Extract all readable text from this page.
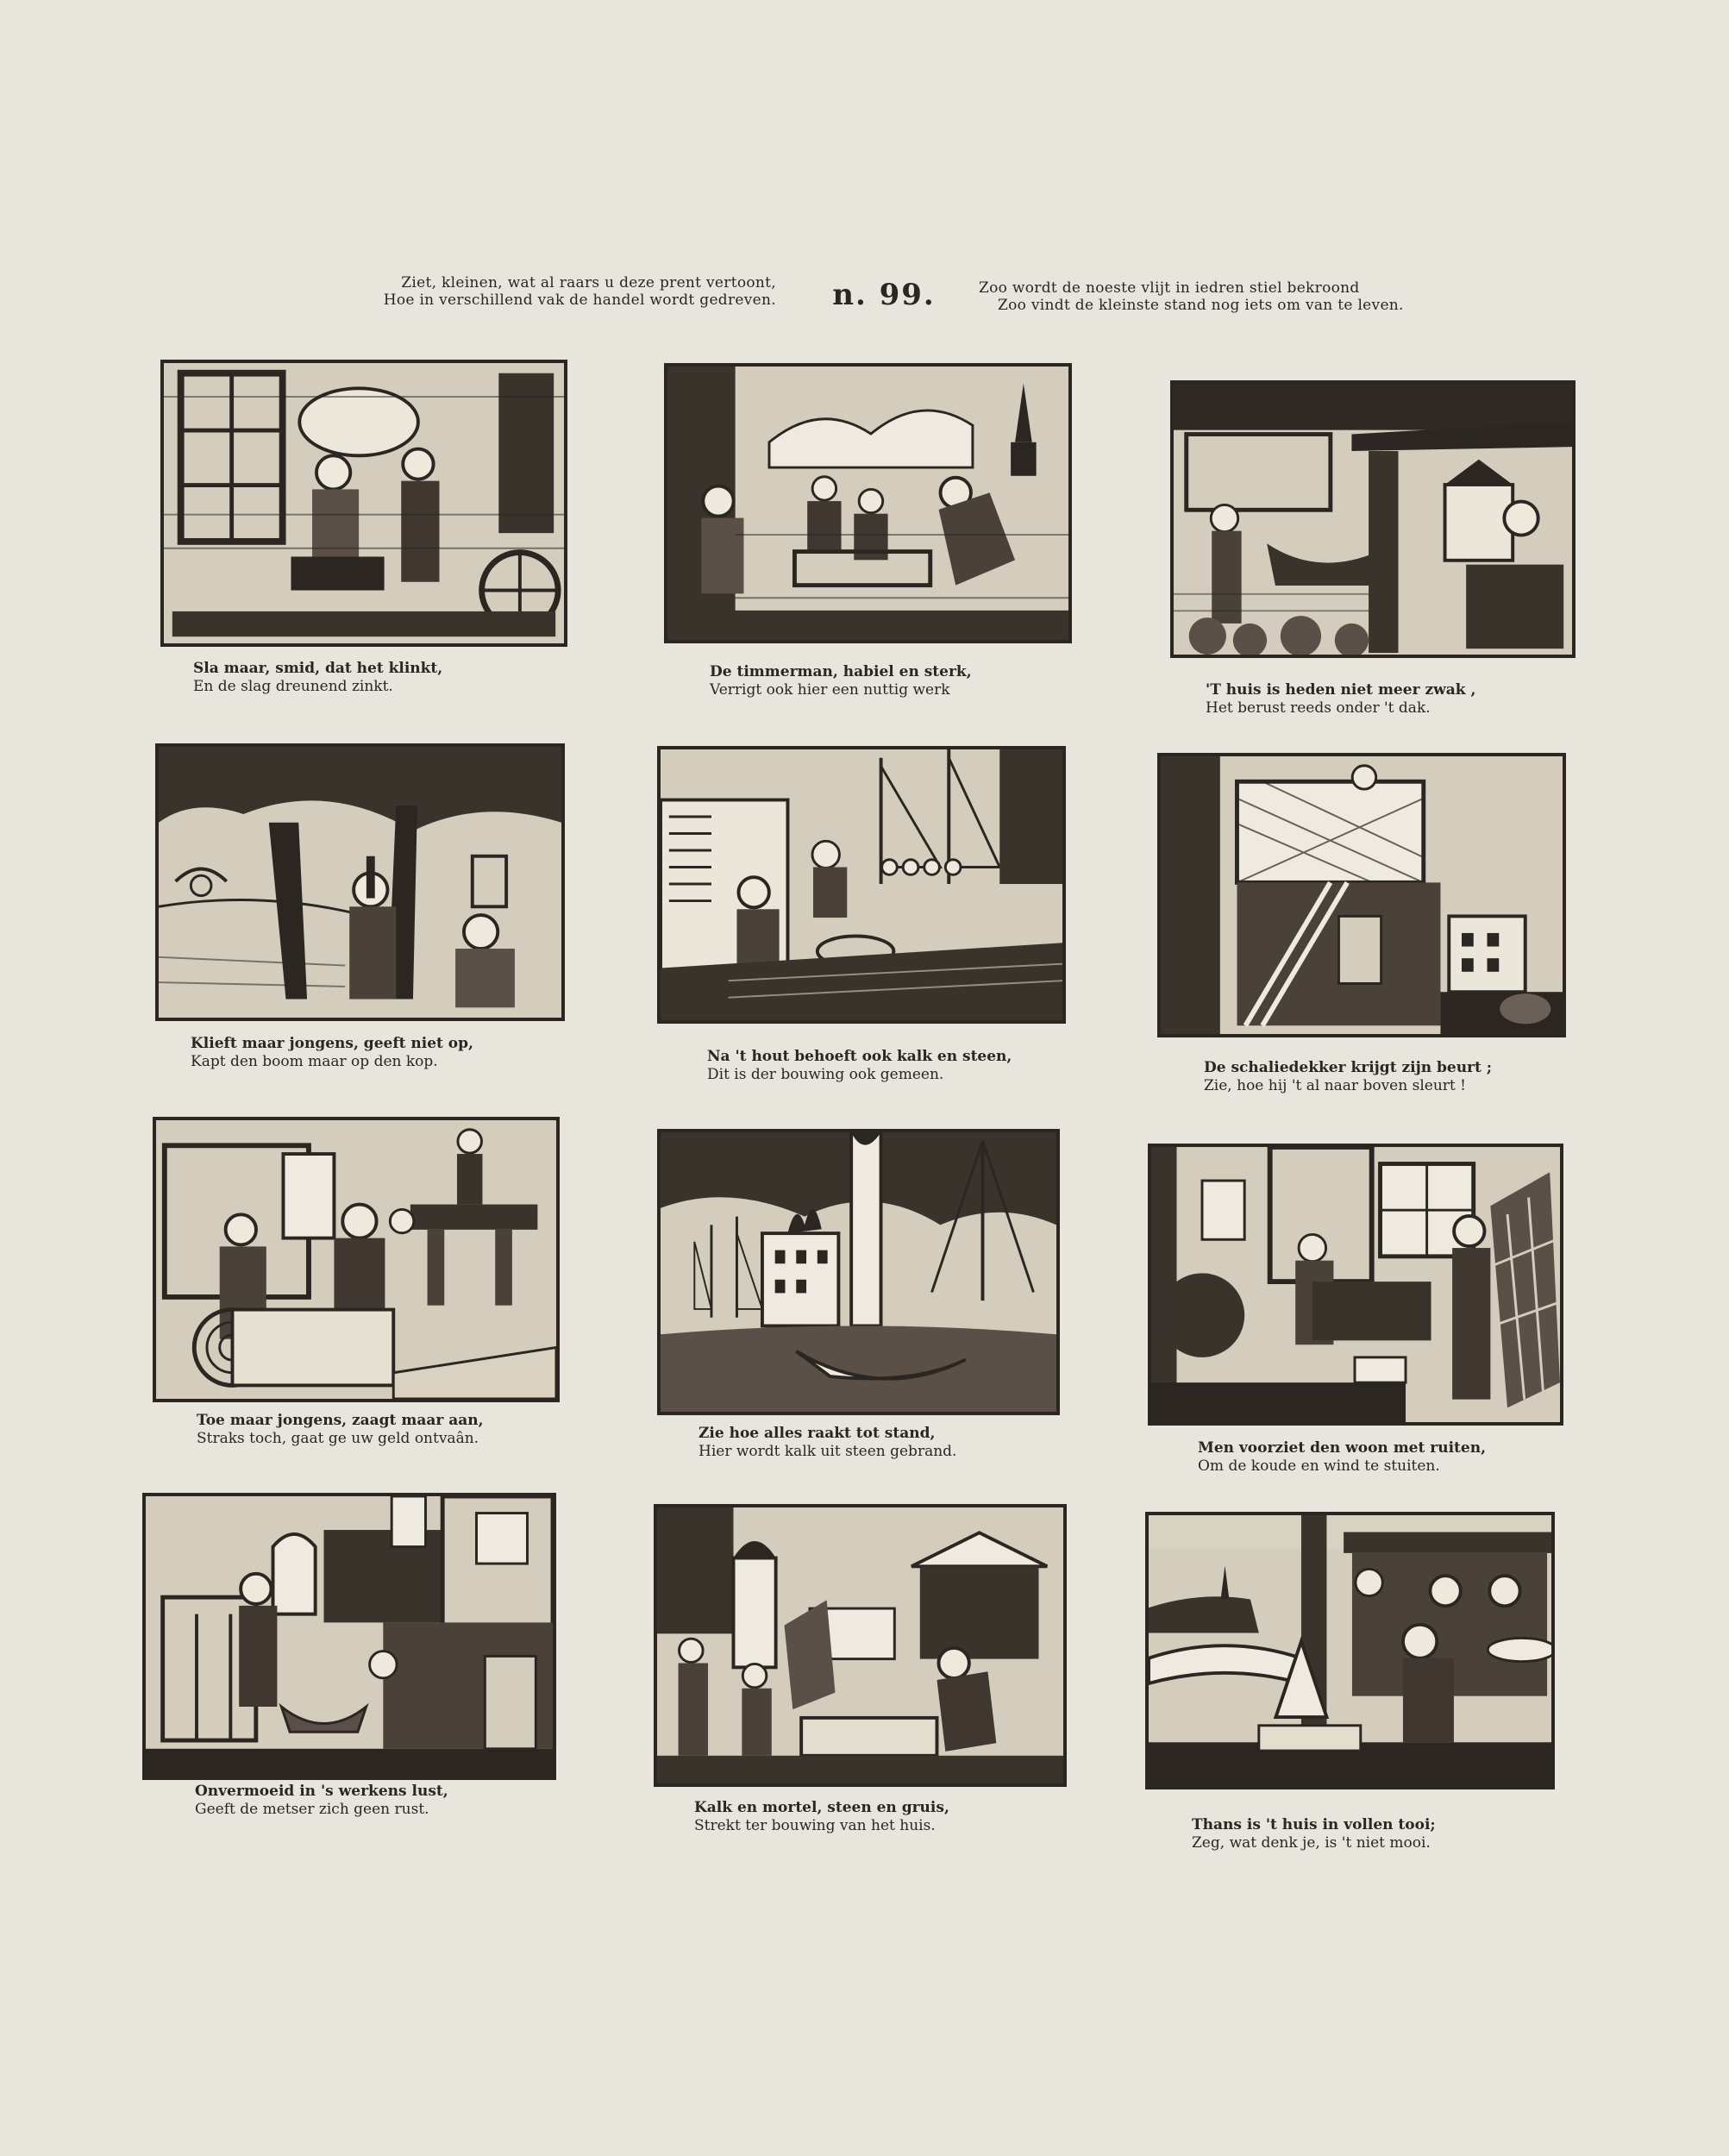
Ziet, kleinen, wat al raars u deze prent vertoont,
Hoe in verschillend vak de handel wordt gedreven.	n. 99.	Zoo wordt de noeste vlijt in iedren stiel bekroond
Zoo vindt de kleinste stand nog iets om van te leven.
Sla maar, smid, dat het klinkt,
En de slag dreunend zinkt.
De timmerman, habiel en sterk,
Verrigt ook hier een nuttig werk	'T huis is heden niet meer zwak ,
Het berust reeds onder 't dak.
Klieft maar jongens, geeft niet op,
Kapt den boom maar op den kop.	Na 't hout behoeft ook kalk en steen,
Dit is der bouwing ook gemeen.	De schaliedekker krijgt zijn beurt ;
Zie, hoe hij 't al naar boven sleurt !
Toe maar jongens, zaagt maar aan,
Straks toch, gaat ge uw geld ontvaân.	Zie hoe alles raakt tot stand,
Hier wordt kalk uit steen gebrand.	Men voorziet den woon met ruiten,
Om de koude en wind te stuiten.
Onvermoeid in 's werkens lust,
Geeft de metser zich geen rust.	Kalk en mortel, steen en gruis,
Strekt ter bouwing van het huis.	Thans is 't huis in vollen tooi;
Zeg, wat denk je, is 't niet mooi.
